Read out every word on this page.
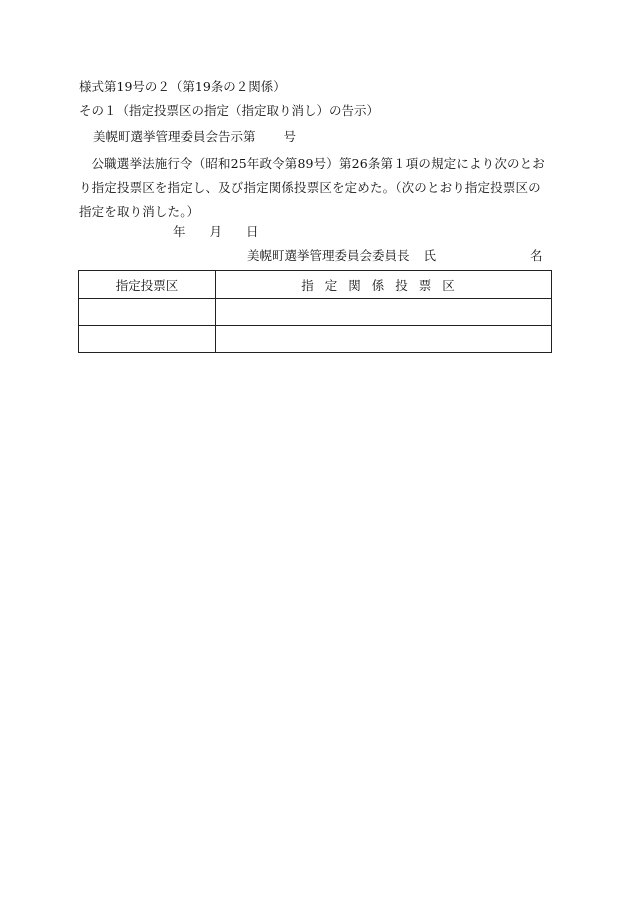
様式第19号の２（第19条の２関係）
その１（指定投票区の指定（指定取り消し）の告示）
美幌町選挙管理委員会告示第 号
公職選挙法施行令（昭和25年政令第89号）第26条第１項の規定により次のとおり指定投票区を指定し、及び指定関係投票区を定めた。（次のとおり指定投票区の指定を取り消した。）
年 月 日
美幌町選挙管理委員会委員長 氏	名
指定投票区	指定関係投票区
